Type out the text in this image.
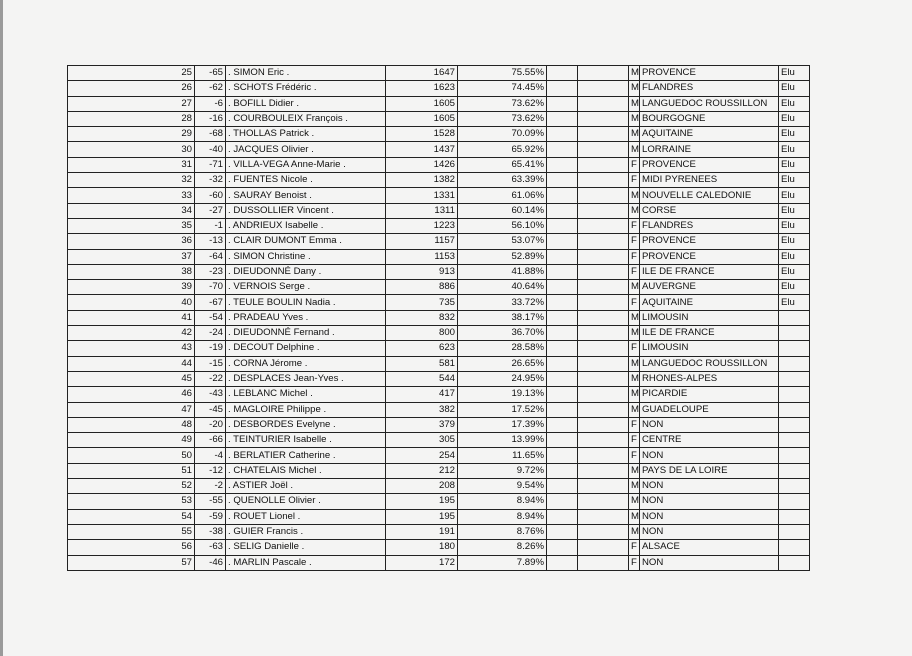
25	-65	. SIMON Eric .	1647	75.55%			M	PROVENCE	Elu
26	-62	. SCHOTS Frédéric .	1623	74.45%			M	FLANDRES	Elu
27	-6	. BOFILL Didier .	1605	73.62%			M	LANGUEDOC ROUSSILLON	Elu
28	-16	. COURBOULEIX François .	1605	73.62%			M	BOURGOGNE	Elu
29	-68	. THOLLAS Patrick .	1528	70.09%			M	AQUITAINE	Elu
30	-40	. JACQUES Olivier .	1437	65.92%			M	LORRAINE	Elu
31	-71	. VILLA-VEGA Anne-Marie .	1426	65.41%			F	PROVENCE	Elu
32	-32	. FUENTES Nicole .	1382	63.39%			F	MIDI PYRENEES	Elu
33	-60	. SAURAY Benoist .	1331	61.06%			M	NOUVELLE CALEDONIE	Elu
34	-27	. DUSSOLLIER Vincent .	1311	60.14%			M	CORSE	Elu
35	-1	. ANDRIEUX Isabelle .	1223	56.10%			F	FLANDRES	Elu
36	-13	. CLAIR DUMONT Emma .	1157	53.07%			F	PROVENCE	Elu
37	-64	. SIMON Christine .	1153	52.89%			F	PROVENCE	Elu
38	-23	. DIEUDONNÉ Dany .	913	41.88%			F	ILE DE FRANCE	Elu
39	-70	. VERNOIS Serge .	886	40.64%			M	AUVERGNE	Elu
40	-67	. TEULE BOULIN Nadia .	735	33.72%			F	AQUITAINE	Elu
41	-54	. PRADEAU Yves .	832	38.17%			M	LIMOUSIN	
42	-24	. DIEUDONNÉ Fernand .	800	36.70%			M	ILE DE FRANCE	
43	-19	. DECOUT Delphine .	623	28.58%			F	LIMOUSIN	
44	-15	. CORNA Jérome .	581	26.65%			M	LANGUEDOC ROUSSILLON	
45	-22	. DESPLACES Jean-Yves .	544	24.95%			M	RHONES-ALPES	
46	-43	. LEBLANC Michel .	417	19.13%			M	PICARDIE	
47	-45	. MAGLOIRE Philippe .	382	17.52%			M	GUADELOUPE	
48	-20	. DESBORDES Evelyne .	379	17.39%			F	NON	
49	-66	. TEINTURIER Isabelle .	305	13.99%			F	CENTRE	
50	-4	. BERLATIER Catherine .	254	11.65%			F	NON	
51	-12	. CHATELAIS Michel .	212	9.72%			M	PAYS DE LA LOIRE	
52	-2	. ASTIER Joël .	208	9.54%			M	NON	
53	-55	. QUENOLLE Olivier .	195	8.94%			M	NON	
54	-59	. ROUET Lionel .	195	8.94%			M	NON	
55	-38	. GUIER Francis .	191	8.76%			M	NON	
56	-63	. SELIG Danielle .	180	8.26%			F	ALSACE	
57	-46	. MARLIN Pascale .	172	7.89%			F	NON	
